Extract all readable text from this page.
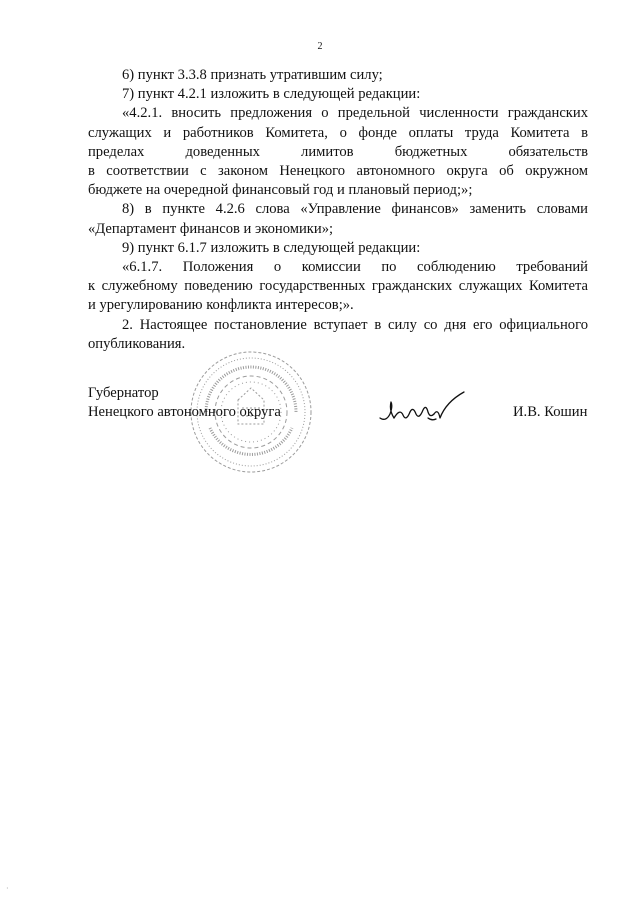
2

6) пункт 3.3.8 признать утратившим силу;

7) пункт 4.2.1 изложить в следующей редакции:

«4.2.1. вносить предложения о предельной численности гражданских

служащих и работников Комитета, о фонде оплаты труда Комитета в

пределах доведенных лимитов бюджетных обязательств

в соответствии с законом Ненецкого автономного округа об окружном

бюджете на очередной финансовый год и плановый период;»;

8) в пункте 4.2.6 слова «Управление финансов» заменить словами

«Департамент финансов и экономики»;

9) пункт 6.1.7 изложить в следующей редакции:

«6.1.7. Положения о комиссии по соблюдению требований

к служебному поведению государственных гражданских служащих Комитета

и урегулированию конфликта интересов;».

2. Настоящее постановление вступает в силу со дня его официального

опубликования.

Губернатор
Ненецкого автономного округа	И.В. Кошин
·
